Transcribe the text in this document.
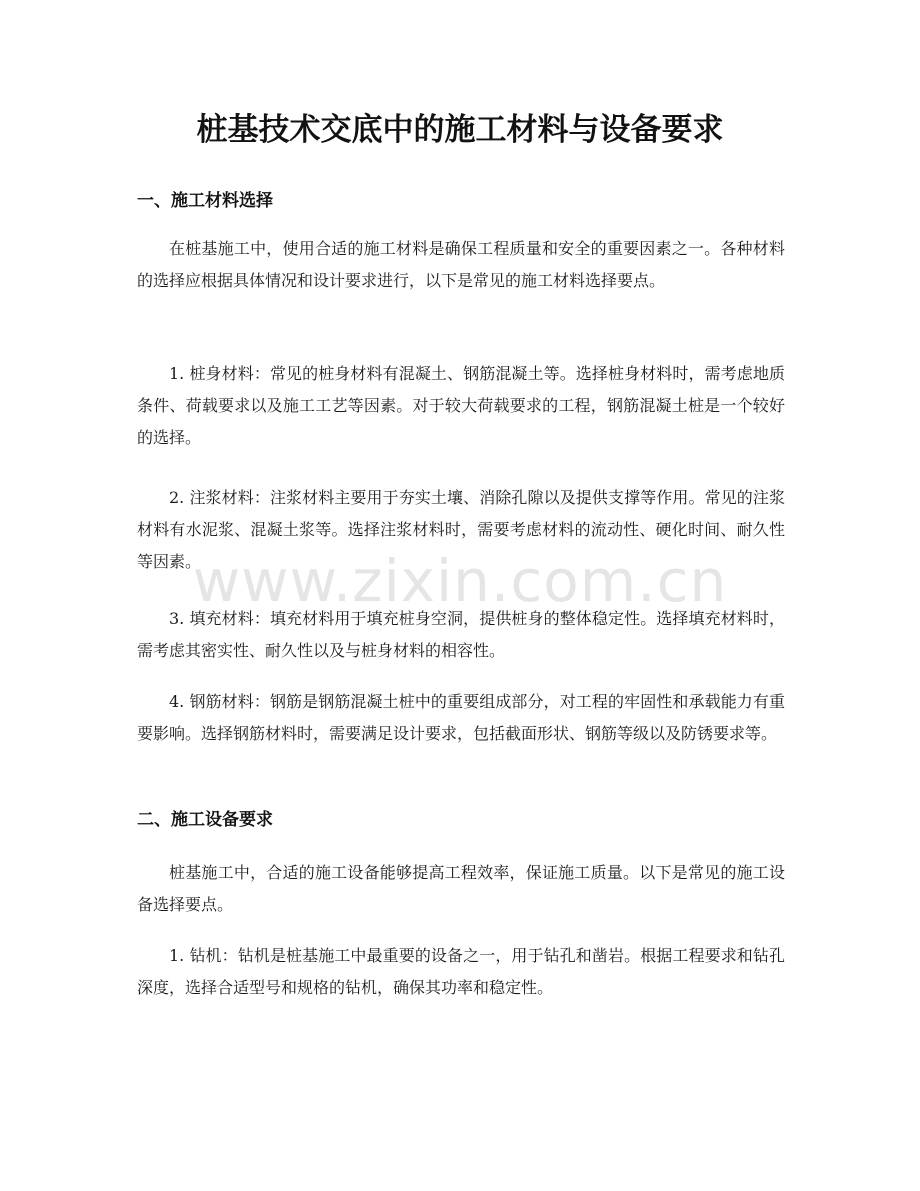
桩基技术交底中的施工材料与设备要求
一、施工材料选择

在桩基施工中，使用合适的施工材料是确保工程质量和安全的重要因素之一。各种材料的选择应根据具体情况和设计要求进行，以下是常见的施工材料选择要点。

1. 桩身材料：常见的桩身材料有混凝土、钢筋混凝土等。选择桩身材料时，需考虑地质条件、荷载要求以及施工工艺等因素。对于较大荷载要求的工程，钢筋混凝土桩是一个较好的选择。

2. 注浆材料：注浆材料主要用于夯实土壤、消除孔隙以及提供支撑等作用。常见的注浆材料有水泥浆、混凝土浆等。选择注浆材料时，需要考虑材料的流动性、硬化时间、耐久性等因素。

3. 填充材料：填充材料用于填充桩身空洞，提供桩身的整体稳定性。选择填充材料时，需考虑其密实性、耐久性以及与桩身材料的相容性。

4. 钢筋材料：钢筋是钢筋混凝土桩中的重要组成部分，对工程的牢固性和承载能力有重要影响。选择钢筋材料时，需要满足设计要求，包括截面形状、钢筋等级以及防锈要求等。

二、施工设备要求

桩基施工中，合适的施工设备能够提高工程效率，保证施工质量。以下是常见的施工设备选择要点。

1. 钻机：钻机是桩基施工中最重要的设备之一，用于钻孔和凿岩。根据工程要求和钻孔深度，选择合适型号和规格的钻机，确保其功率和稳定性。

www.zixin.com.cn
